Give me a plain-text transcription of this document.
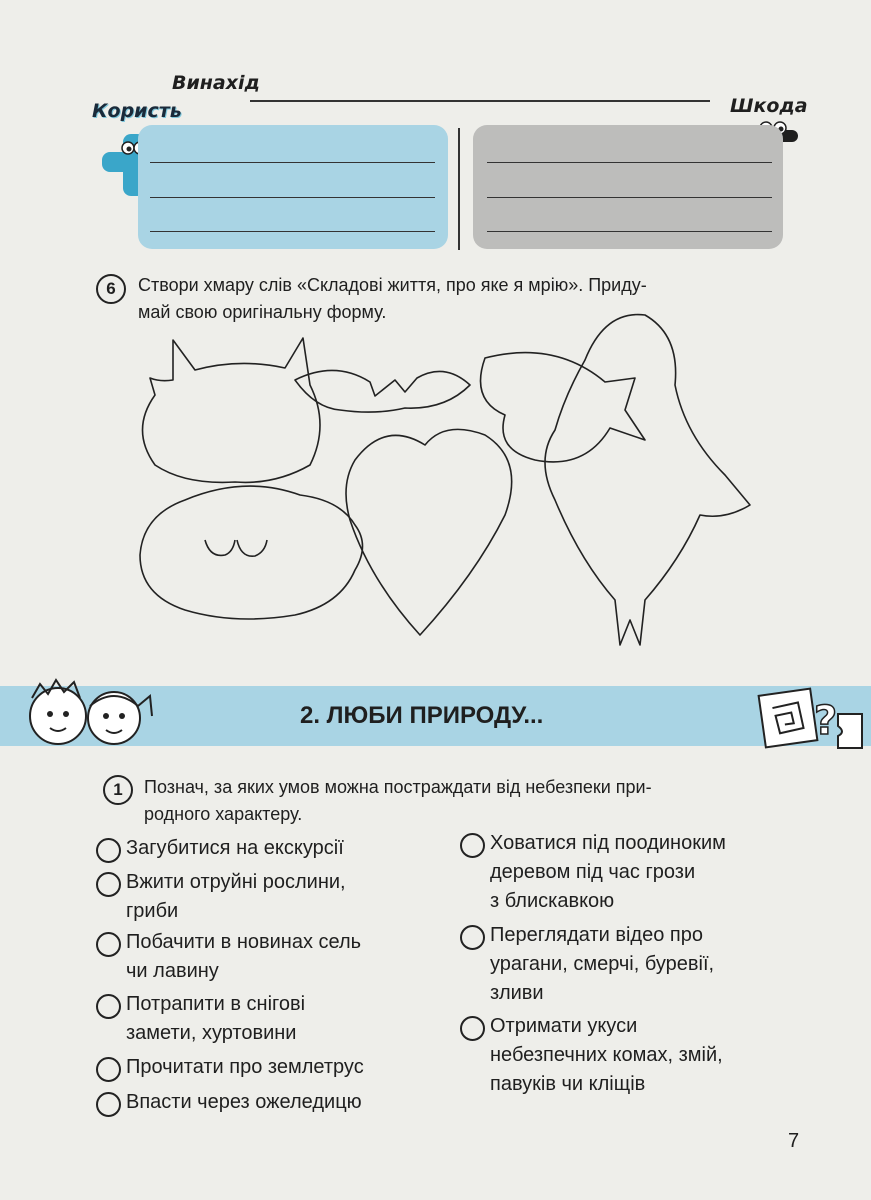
Винахід
Користь	Шкода
6	Створи хмару слів «Складові життя, про яке я мрію». Приду-
май свою оригінальну форму.
2. ЛЮБИ ПРИРОДУ...	?
1	Познач, за яких умов можна постраждати від небезпеки при-
родного характеру.
Загубитися на екскурсії
Вжити отруйні рослини,
гриби
Побачити в новинах сель
чи лавину
Потрапити в снігові
замети, хуртовини
Прочитати про землетрус
Впасти через ожеледицю
Ховатися під поодиноким
деревом під час грози
з блискавкою
Переглядати відео про
урагани, смерчі, буревії,
зливи
Отримати укуси
небезпечних комах, змій,
павуків чи кліщів
7
